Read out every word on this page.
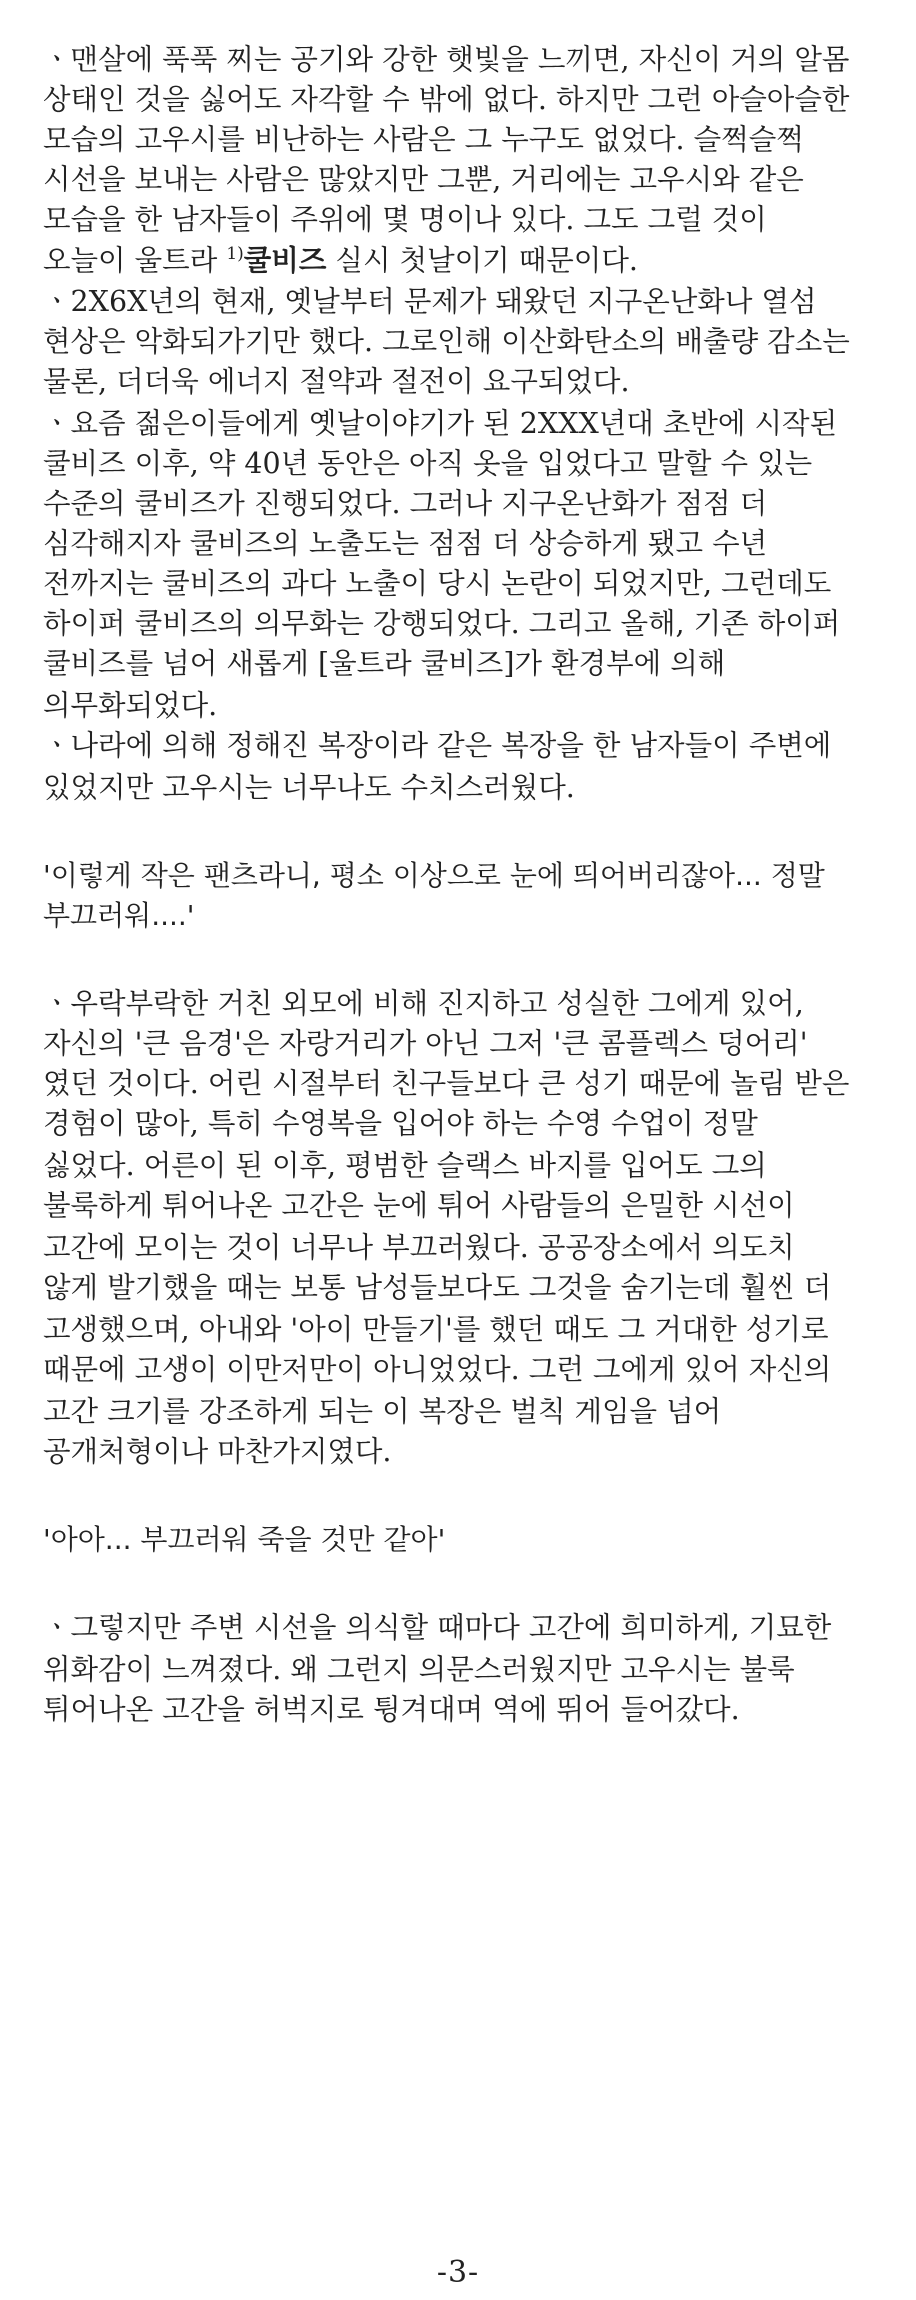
ㆍ맨살에 푹푹 찌는 공기와 강한 햇빛을 느끼면, 자신이 거의 알몸
상태인 것을 싫어도 자각할 수 밖에 없다. 하지만 그런 아슬아슬한
모습의 고우시를 비난하는 사람은 그 누구도 없었다. 슬쩍슬쩍
시선을 보내는 사람은 많았지만 그뿐, 거리에는 고우시와 같은
모습을 한 남자들이 주위에 몇 명이나 있다. 그도 그럴 것이
오늘이 울트라 $^{1)}$쿨비즈 실시 첫날이기 때문이다.
ㆍ2X6X년의 현재, 옛날부터 문제가 돼왔던 지구온난화나 열섬
현상은 악화되가기만 했다. 그로인해 이산화탄소의 배출량 감소는
물론, 더더욱 에너지 절약과 절전이 요구되었다.
ㆍ요즘 젊은이들에게 옛날이야기가 된 2XXX년대 초반에 시작된
쿨비즈 이후, 약 40년 동안은 아직 옷을 입었다고 말할 수 있는
수준의 쿨비즈가 진행되었다. 그러나 지구온난화가 점점 더
심각해지자 쿨비즈의 노출도는 점점 더 상승하게 됐고 수년
전까지는 쿨비즈의 과다 노출이 당시 논란이 되었지만, 그런데도
하이퍼 쿨비즈의 의무화는 강행되었다. 그리고 올해, 기존 하이퍼
쿨비즈를 넘어 새롭게 [울트라 쿨비즈]가 환경부에 의해
의무화되었다.
ㆍ나라에 의해 정해진 복장이라 같은 복장을 한 남자들이 주변에
있었지만 고우시는 너무나도 수치스러웠다.
'이렇게 작은 팬츠라니, 평소 이상으로 눈에 띄어버리잖아... 정말
부끄러워....'
ㆍ우락부락한 거친 외모에 비해 진지하고 성실한 그에게 있어,
자신의 '큰 음경'은 자랑거리가 아닌 그저 '큰 콤플렉스 덩어리'
였던 것이다. 어린 시절부터 친구들보다 큰 성기 때문에 놀림 받은
경험이 많아, 특히 수영복을 입어야 하는 수영 수업이 정말
싫었다. 어른이 된 이후, 평범한 슬랙스 바지를 입어도 그의
불룩하게 튀어나온 고간은 눈에 튀어 사람들의 은밀한 시선이
고간에 모이는 것이 너무나 부끄러웠다. 공공장소에서 의도치
않게 발기했을 때는 보통 남성들보다도 그것을 숨기는데 훨씬 더
고생했으며, 아내와 '아이 만들기'를 했던 때도 그 거대한 성기로
때문에 고생이 이만저만이 아니었었다. 그런 그에게 있어 자신의
고간 크기를 강조하게 되는 이 복장은 벌칙 게임을 넘어
공개처형이나 마찬가지였다.
'아아... 부끄러워 죽을 것만 같아'
ㆍ그렇지만 주변 시선을 의식할 때마다 고간에 희미하게, 기묘한
위화감이 느껴졌다. 왜 그런지 의문스러웠지만 고우시는 불룩
튀어나온 고간을 허벅지로 튕겨대며 역에 뛰어 들어갔다.
-3-
